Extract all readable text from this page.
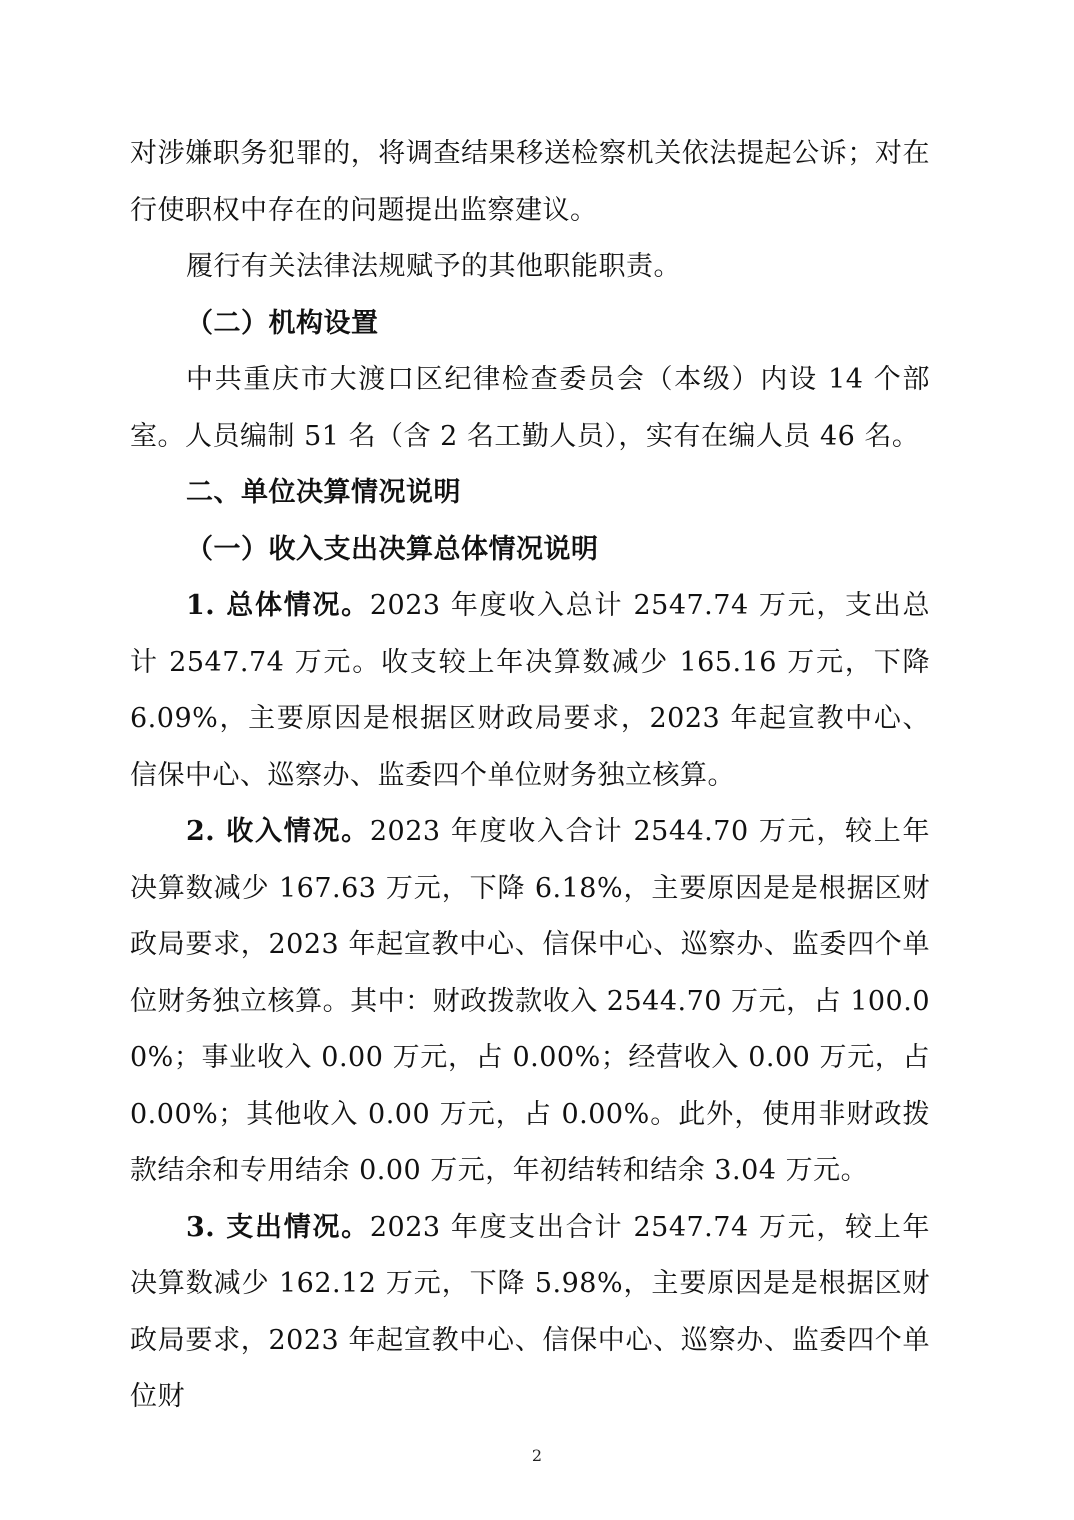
对涉嫌职务犯罪的，将调查结果移送检察机关依法提起公诉；对在行使职权中存在的问题提出监察建议。

履行有关法律法规赋予的其他职能职责。

（二）机构设置

中共重庆市大渡口区纪律检查委员会（本级）内设 14 个部室。人员编制 51 名（含 2 名工勤人员），实有在编人员 46 名。

二、单位决算情况说明

（一）收入支出决算总体情况说明

1. 总体情况。2023 年度收入总计 2547.74 万元，支出总计 2547.74 万元。收支较上年决算数减少 165.16 万元，下降 6.09%，主要原因是根据区财政局要求，2023 年起宣教中心、信保中心、巡察办、监委四个单位财务独立核算。

2. 收入情况。2023 年度收入合计 2544.70 万元，较上年决算数减少 167.63 万元，下降 6.18%，主要原因是是根据区财政局要求，2023 年起宣教中心、信保中心、巡察办、监委四个单位财务独立核算。其中：财政拨款收入 2544.70 万元，占 100.00%；事业收入 0.00 万元，占 0.00%；经营收入 0.00 万元，占 0.00%；其他收入 0.00 万元，占 0.00%。此外，使用非财政拨款结余和专用结余 0.00 万元，年初结转和结余 3.04 万元。

3. 支出情况。2023 年度支出合计 2547.74 万元，较上年决算数减少 162.12 万元，下降 5.98%，主要原因是是根据区财政局要求，2023 年起宣教中心、信保中心、巡察办、监委四个单位财

2
